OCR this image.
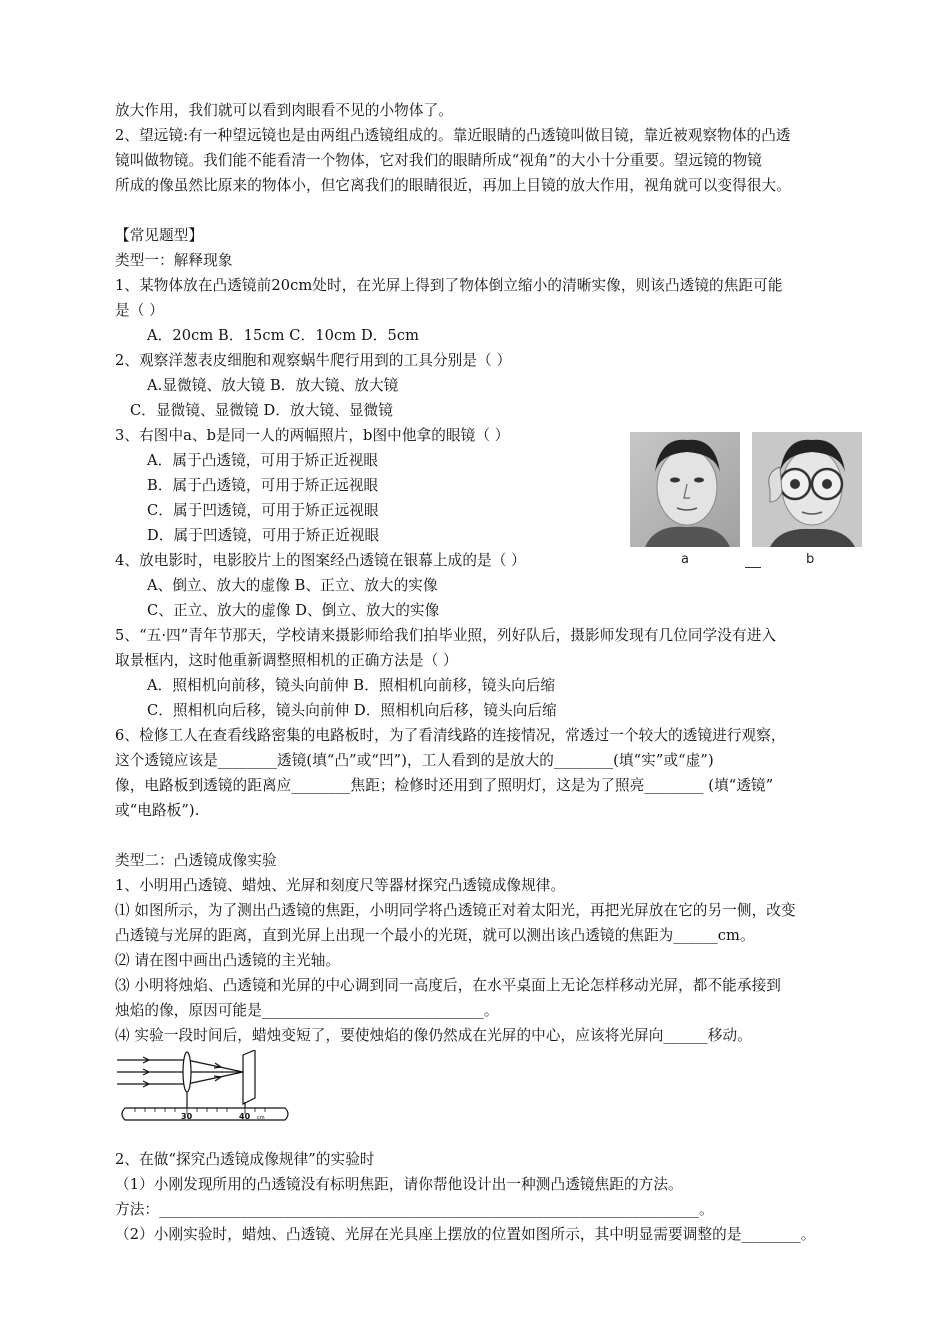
放大作用，我们就可以看到肉眼看不见的小物体了。
2、望远镜:有一种望远镜也是由两组凸透镜组成的。靠近眼睛的凸透镜叫做目镜，靠近被观察物体的凸透
镜叫做物镜。我们能不能看清一个物体，它对我们的眼睛所成“视角”的大小十分重要。望远镜的物镜
所成的像虽然比原来的物体小，但它离我们的眼睛很近，再加上目镜的放大作用，视角就可以变得很大。
【常见题型】
类型一：解释现象
1、某物体放在凸透镜前20cm处时，在光屏上得到了物体倒立缩小的清晰实像，则该凸透镜的焦距可能
是（ ）
A．20cm B．15cm C．10cm D．5cm
2、观察洋葱表皮细胞和观察蜗牛爬行用到的工具分别是（ ）
A.显微镜、放大镜 B．放大镜、放大镜
C．显微镜、显微镜 D．放大镜、显微镜
3、右图中a、b是同一人的两幅照片，b图中他拿的眼镜（ ）
A．属于凸透镜，可用于矫正近视眼
B．属于凸透镜，可用于矫正远视眼
C．属于凹透镜，可用于矫正远视眼
D．属于凹透镜，可用于矫正近视眼
a	b
4、放电影时，电影胶片上的图案经凸透镜在银幕上成的是（ ）
A、倒立、放大的虚像 B、正立、放大的实像
C、正立、放大的虚像 D、倒立、放大的实像
5、“五·四”青年节那天，学校请来摄影师给我们拍毕业照，列好队后，摄影师发现有几位同学没有进入
取景框内，这时他重新调整照相机的正确方法是（ ）
A．照相机向前移，镜头向前伸 B．照相机向前移，镜头向后缩
C．照相机向后移，镜头向前伸 D．照相机向后移，镜头向后缩
6、检修工人在查看线路密集的电路板时，为了看清线路的连接情况，常透过一个较大的透镜进行观察，
这个透镜应该是________透镜(填“凸”或“凹”)，工人看到的是放大的________(填“实”或“虚”)
像，电路板到透镜的距离应________焦距；检修时还用到了照明灯，这是为了照亮________ (填“透镜”
或“电路板”).
类型二：凸透镜成像实验
1、小明用凸透镜、蜡烛、光屏和刻度尺等器材探究凸透镜成像规律。
⑴ 如图所示，为了测出凸透镜的焦距，小明同学将凸透镜正对着太阳光，再把光屏放在它的另一侧，改变
凸透镜与光屏的距离，直到光屏上出现一个最小的光斑，就可以测出该凸透镜的焦距为______cm。
⑵ 请在图中画出凸透镜的主光轴。
⑶ 小明将烛焰、凸透镜和光屏的中心调到同一高度后，在水平桌面上无论怎样移动光屏，都不能承接到
烛焰的像，原因可能是______________________________。
⑷ 实验一段时间后，蜡烛变短了，要使烛焰的像仍然成在光屏的中心，应该将光屏向______移动。
30	40 cm
2、在做“探究凸透镜成像规律”的实验时
（1）小刚发现所用的凸透镜没有标明焦距，请你帮他设计出一种测凸透镜焦距的方法。
方法：_________________________________________________________________________。
（2）小刚实验时，蜡烛、凸透镜、光屏在光具座上摆放的位置如图所示，其中明显需要调整的是________。
